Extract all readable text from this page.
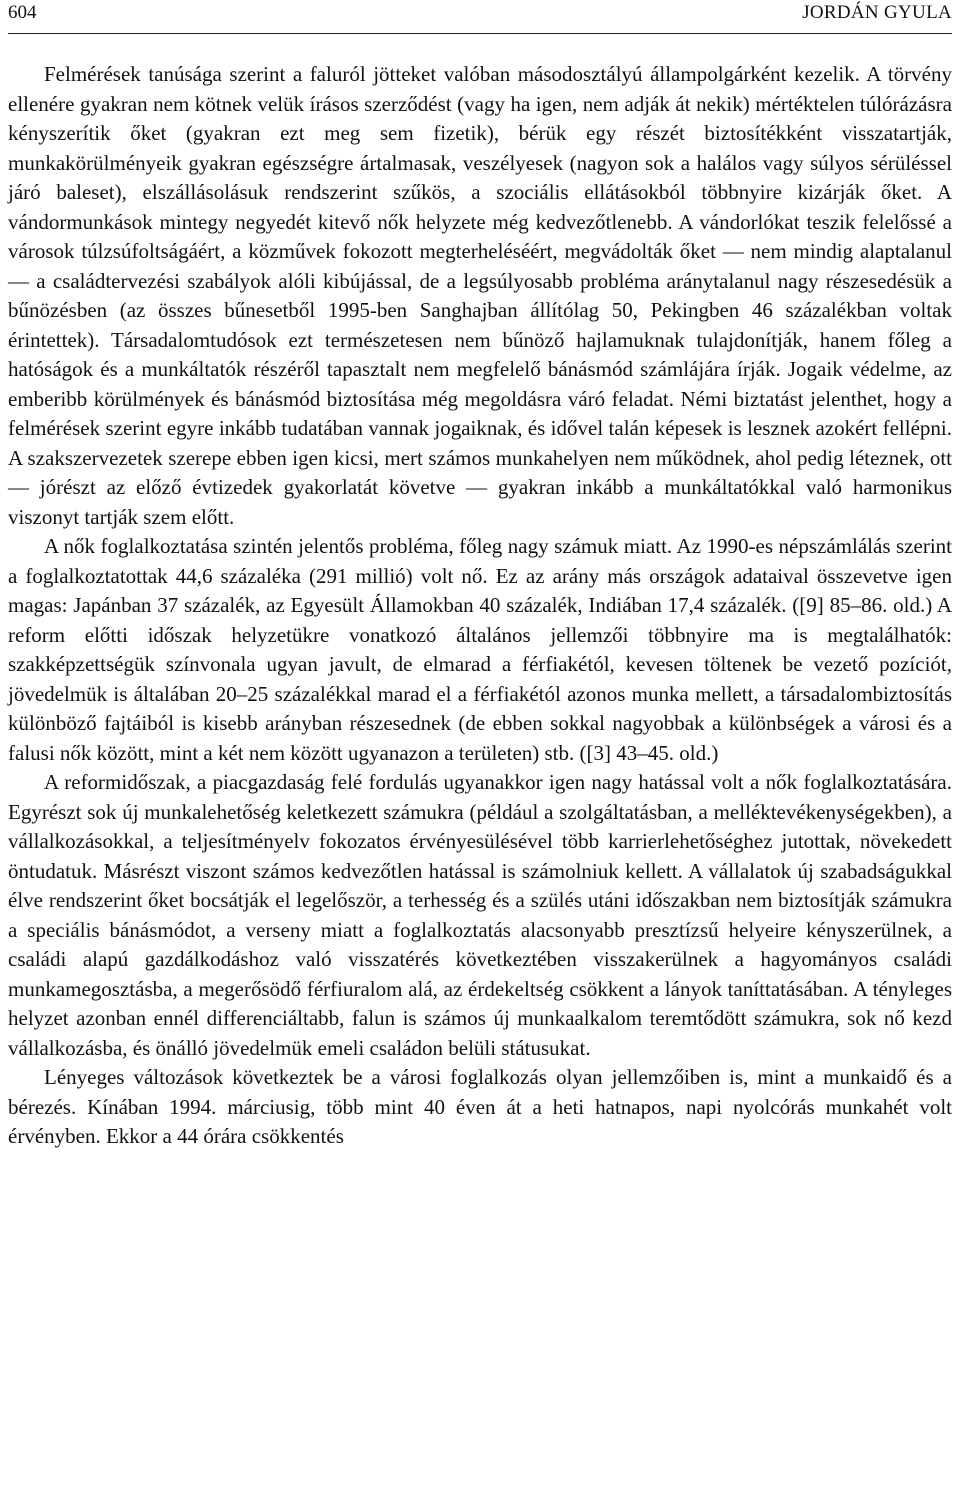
604	JORDÁN GYULA

Felmérések tanúsága szerint a faluról jötteket valóban másodosztályú állampolgárként kezelik. A törvény ellenére gyakran nem kötnek velük írásos szerződést (vagy ha igen, nem adják át nekik) mértéktelen túlórázásra kényszerítik őket (gyakran ezt meg sem fizetik), bérük egy részét biztosítékként visszatartják, munkakörülményeik gyakran egészségre ártalmasak, veszélyesek (nagyon sok a halálos vagy súlyos sérüléssel járó baleset), elszállásolásuk rendszerint szűkös, a szociális ellátásokból többnyire kizárják őket. A vándormunkások mintegy negyedét kitevő nők helyzete még kedvezőtlenebb. A vándorlókat teszik felelőssé a városok túlzsúfoltságáért, a közművek fokozott megterheléséért, megvádolták őket — nem mindig alaptalanul — a családtervezési szabályok alóli kibújással, de a legsúlyosabb probléma aránytalanul nagy részesedésük a bűnözésben (az összes bűnesetből 1995-ben Sanghajban állítólag 50, Pekingben 46 százalékban voltak érintettek). Társadalomtudósok ezt természetesen nem bűnöző hajlamuknak tulajdonítják, hanem főleg a hatóságok és a munkáltatók részéről tapasztalt nem megfelelő bánásmód számlájára írják. Jogaik védelme, az emberibb körülmények és bánásmód biztosítása még megoldásra váró feladat. Némi biztatást jelenthet, hogy a felmérések szerint egyre inkább tudatában vannak jogaiknak, és idővel talán képesek is lesznek azokért fellépni. A szakszervezetek szerepe ebben igen kicsi, mert számos munkahelyen nem működnek, ahol pedig léteznek, ott — jórészt az előző évtizedek gyakorlatát követve — gyakran inkább a munkáltatókkal való harmonikus viszonyt tartják szem előtt.

A nők foglalkoztatása szintén jelentős probléma, főleg nagy számuk miatt. Az 1990-es népszámlálás szerint a foglalkoztatottak 44,6 százaléka (291 millió) volt nő. Ez az arány más országok adataival összevetve igen magas: Japánban 37 százalék, az Egyesült Államokban 40 százalék, Indiában 17,4 százalék. ([9] 85–86. old.) A reform előtti időszak helyzetükre vonatkozó általános jellemzői többnyire ma is megtalálhatók: szakképzettségük színvonala ugyan javult, de elmarad a férfiakétól, kevesen töltenek be vezető pozíciót, jövedelmük is általában 20–25 százalékkal marad el a férfiakétól azonos munka mellett, a társadalombiztosítás különböző fajtáiból is kisebb arányban részesednek (de ebben sokkal nagyobbak a különbségek a városi és a falusi nők között, mint a két nem között ugyanazon a területen) stb. ([3] 43–45. old.)

A reformidőszak, a piacgazdaság felé fordulás ugyanakkor igen nagy hatással volt a nők foglalkoztatására. Egyrészt sok új munkalehetőség keletkezett számukra (például a szolgáltatásban, a melléktevékenységekben), a vállalkozásokkal, a teljesítményelv fokozatos érvényesülésével több karrierlehetőséghez jutottak, növekedett öntudatuk. Másrészt viszont számos kedvezőtlen hatással is számolniuk kellett. A vállalatok új szabadságukkal élve rendszerint őket bocsátják el legelőször, a terhesség és a szülés utáni időszakban nem biztosítják számukra a speciális bánásmódot, a verseny miatt a foglalkoztatás alacsonyabb presztízsű helyeire kényszerülnek, a családi alapú gazdálkodáshoz való visszatérés következtében visszakerülnek a hagyományos családi munkamegosztásba, a megerősödő férfiuralom alá, az érdekeltség csökkent a lányok taníttatásában. A tényleges helyzet azonban ennél differenciáltabb, falun is számos új munkaalkalom teremtődött számukra, sok nő kezd vállalkozásba, és önálló jövedelmük emeli családon belüli státusukat.

Lényeges változások következtek be a városi foglalkozás olyan jellemzőiben is, mint a munkaidő és a bérezés. Kínában 1994. márciusig, több mint 40 éven át a heti hatnapos, napi nyolcórás munkahét volt érvényben. Ekkor a 44 órára csökkentés
